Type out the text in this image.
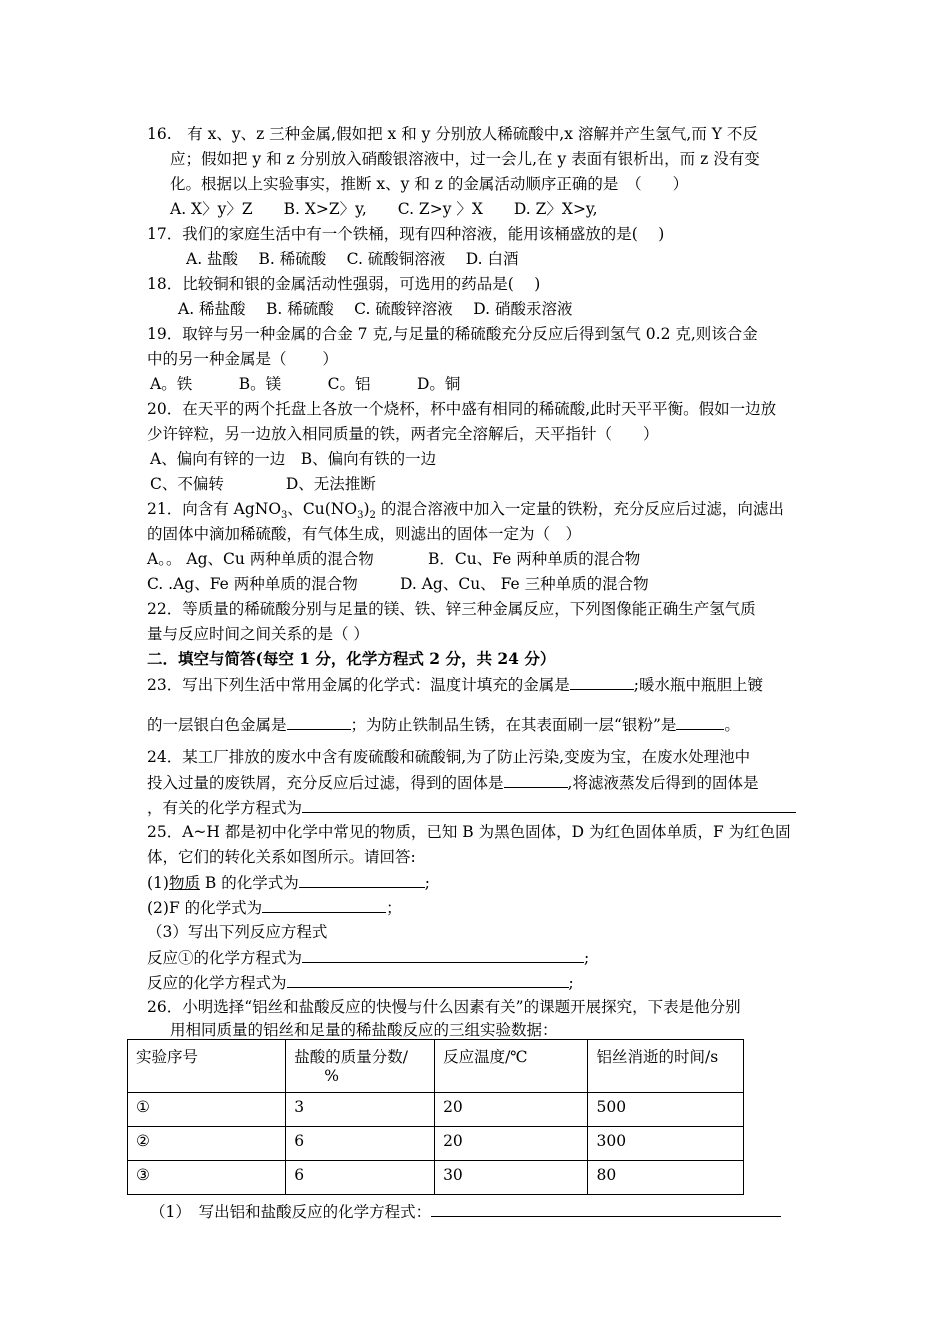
16.　有 x、y、z 三种金属,假如把 x 和 y 分别放人稀硫酸中,x 溶解并产生氢气,而 Y 不反
应；假如把 y 和 z 分别放入硝酸银溶液中，过一会儿,在 y 表面有银析出，而 z 没有变
化。根据以上实验事实，推断 x、y 和 z 的金属活动顺序正确的是　（　　）
A. X〉y〉Z　　B. X>Z〉y,　　C. Z>y 〉X　　D. Z〉X>y,
17．我们的家庭生活中有一个铁桶，现有四种溶液，能用该桶盛放的是(　 )
A. 盐酸　 B. 稀硫酸　 C. 硫酸铜溶液　 D. 白酒
18．比较铜和银的金属活动性强弱，可选用的药品是(　 )
A. 稀盐酸　 B. 稀硫酸　 C. 硫酸锌溶液　 D. 硝酸汞溶液
19．取锌与另一种金属的合金 7 克,与足量的稀硫酸充分反应后得到氢气 0.2 克,则该合金
中的另一种金属是（　　 ）
A。铁　　　B。镁　　　C。铝　　　D。铜
20．在天平的两个托盘上各放一个烧杯，杯中盛有相同的稀硫酸,此时天平平衡。假如一边放
少许锌粒，另一边放入相同质量的铁，两者完全溶解后，天平指针（　　）
A、偏向有锌的一边　B、偏向有铁的一边
C、不偏转　　　　D、无法推断
21．向含有 AgNO$_3$、$Cu(NO_3)_2$ 的混合溶液中加入一定量的铁粉，充分反应后过滤，向滤出
的固体中滴加稀硫酸，有气体生成，则滤出的固体一定为（　）
A。。 Ag、Cu 两种单质的混合物	B．Cu、Fe 两种单质的混合物
C. .Ag、Fe 两种单质的混合物	D. Ag、Cu、 Fe 三种单质的混合物
22．等质量的稀硫酸分别与足量的镁、铁、锌三种金属反应，下列图像能正确生产氢气质
量与反应时间之间关系的是（ ）
二．填空与简答(每空 1 分，化学方程式 2 分，共 24 分）
23．写出下列生活中常用金属的化学式：温度计填充的金属是	;暖水瓶中瓶胆上镀
的一层银白色金属是	；为防止铁制品生锈，在其表面刷一层“银粉”是	。
24．某工厂排放的废水中含有废硫酸和硫酸铜,为了防止污染,变废为宝，在废水处理池中
投入过量的废铁屑，充分反应后过滤，得到的固体是	,将滤液蒸发后得到的固体是
，有关的化学方程式为
25．A~H 都是初中化学中常见的物质，已知 B 为黑色固体，D 为红色固体单质，F 为红色固
体，它们的转化关系如图所示。请回答:
(1)物质 B 的化学式为	;
(2)F 的化学式为	；
（3）写出下列反应方程式
反应①的化学方程式为	;
反应的化学方程式为	;
26．小明选择“铝丝和盐酸反应的快慢与什么因素有关”的课题开展探究，下表是他分别
用相同质量的铝丝和足量的稀盐酸反应的三组实验数据：
实验序号	盐酸的质量分数/
%	反应温度/℃	铝丝消逝的时间/s
①	3	20	500
②	6	20	300
③	6	30	80
（1）　写出铝和盐酸反应的化学方程式：
